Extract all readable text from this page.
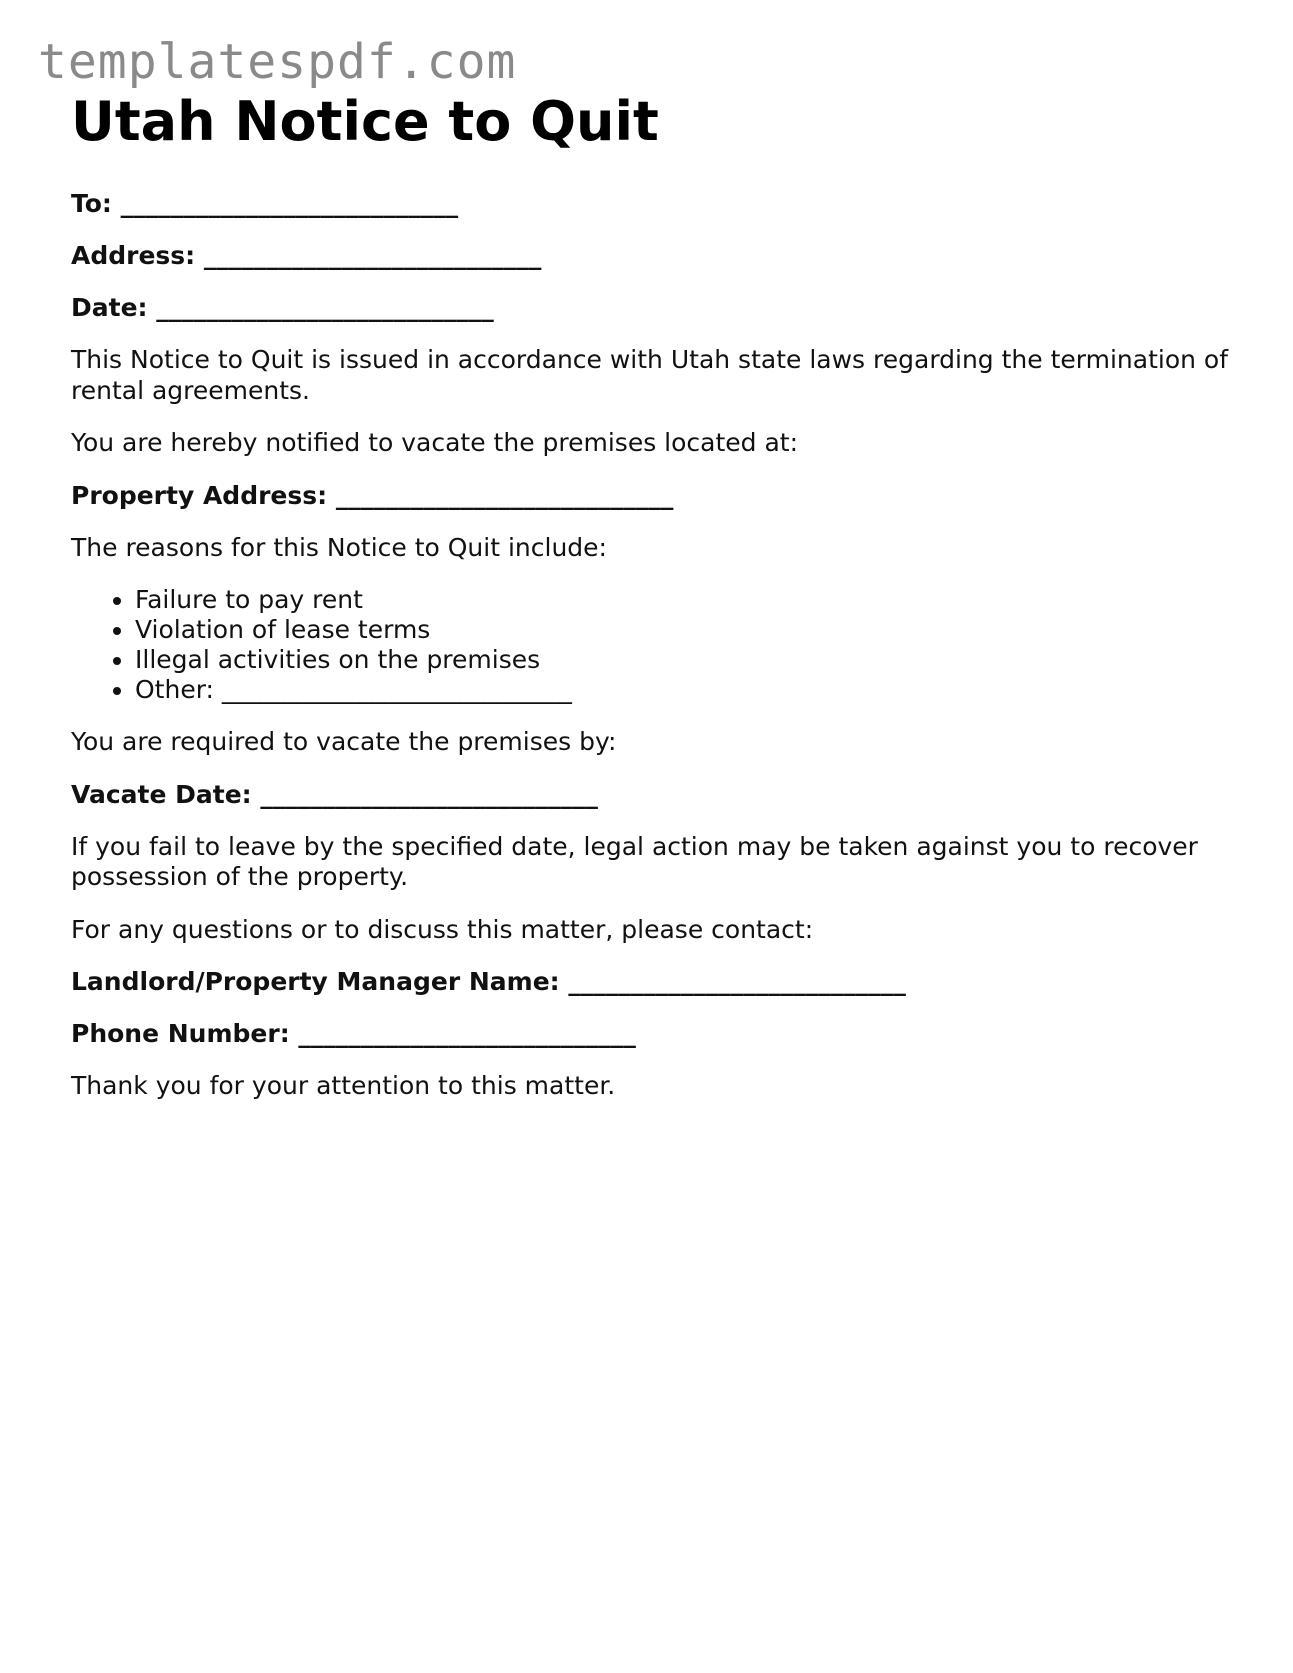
templatespdf.com
Utah Notice to Quit

To: ___________________________

Address: ___________________________

Date: ___________________________

This Notice to Quit is issued in accordance with Utah state laws regarding the termination of rental agreements.

You are hereby notified to vacate the premises located at:

Property Address: ___________________________

The reasons for this Notice to Quit include:

• Failure to pay rent
• Violation of lease terms
• Illegal activities on the premises
• Other: ____________________________

You are required to vacate the premises by:

Vacate Date: ___________________________

If you fail to leave by the specified date, legal action may be taken against you to recover possession of the property.

For any questions or to discuss this matter, please contact:

Landlord/Property Manager Name: ___________________________

Phone Number: ___________________________

Thank you for your attention to this matter.
